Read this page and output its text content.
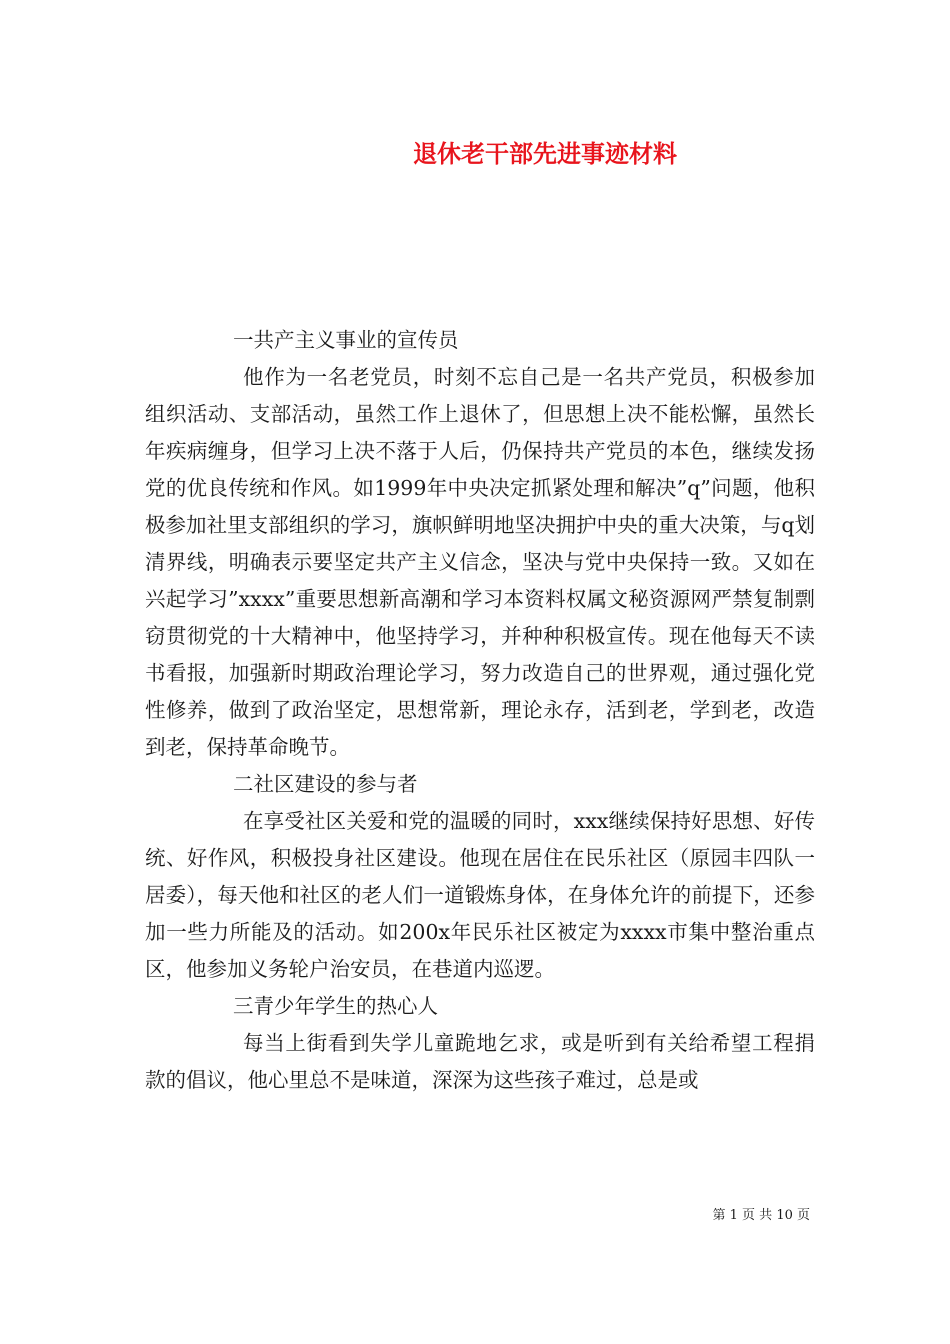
退休老干部先进事迹材料

一共产主义事业的宣传员

他作为一名老党员，时刻不忘自己是一名共产党员，积极参加组织活动、支部活动，虽然工作上退休了，但思想上决不能松懈，虽然长年疾病缠身，但学习上决不落于人后，仍保持共产党员的本色，继续发扬党的优良传统和作风。如1999年中央决定抓紧处理和解决”q”问题，他积极参加社里支部组织的学习，旗帜鲜明地坚决拥护中央的重大决策，与q划清界线，明确表示要坚定共产主义信念，坚决与党中央保持一致。又如在兴起学习”xxxx”重要思想新高潮和学习本资料权属文秘资源网严禁复制剽窃贯彻党的十大精神中，他坚持学习，并种种积极宣传。现在他每天不读书看报，加强新时期政治理论学习，努力改造自己的世界观，通过强化党性修养，做到了政治坚定，思想常新，理论永存，活到老，学到老，改造到老，保持革命晚节。

二社区建设的参与者

在享受社区关爱和党的温暖的同时，xxx继续保持好思想、好传统、好作风，积极投身社区建设。他现在居住在民乐社区（原园丰四队一居委），每天他和社区的老人们一道锻炼身体，在身体允许的前提下，还参加一些力所能及的活动。如200x年民乐社区被定为xxxx市集中整治重点区，他参加义务轮户治安员，在巷道内巡逻。

三青少年学生的热心人

每当上街看到失学儿童跪地乞求，或是听到有关给希望工程捐款的倡议，他心里总不是味道，深深为这些孩子难过，总是或

第 1 页 共 10 页
